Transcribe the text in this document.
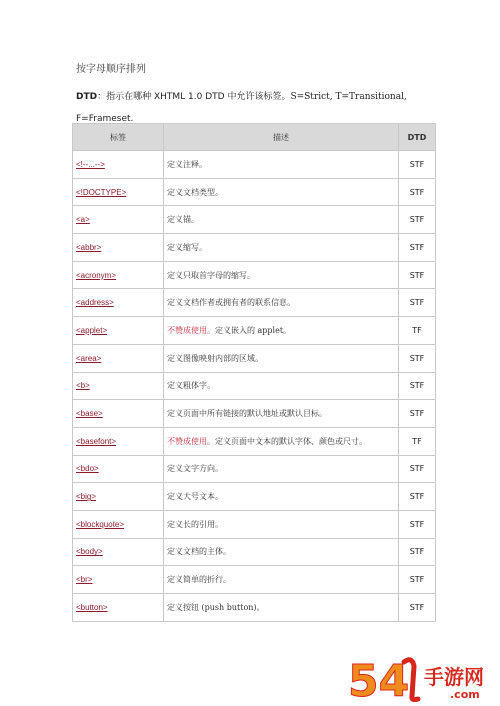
按字母顺序排列
DTD：指示在哪种 XHTML 1.0 DTD 中允许该标签。S=Strict, T=Transitional,
F=Frameset.
标签	描述	DTD
<!--...-->	定义注释。	STF
<!DOCTYPE>	定义文档类型。	STF
<a>	定义锚。	STF
<abbr>	定义缩写。	STF
<acronym>	定义只取首字母的缩写。	STF
<address>	定义文档作者或拥有者的联系信息。	STF
<applet>	不赞成使用。定义嵌入的 applet。	TF
<area>	定义图像映射内部的区域。	STF
<b>	定义粗体字。	STF
<base>	定义页面中所有链接的默认地址或默认目标。	STF
<basefont>	不赞成使用。定义页面中文本的默认字体、颜色或尺寸。	TF
<bdo>	定义文字方向。	STF
<big>	定义大号文本。	STF
<blockquote>	定义长的引用。	STF
<body>	定义文档的主体。	STF
<br>	定义简单的折行。	STF
<button>	定义按钮 (push button)。	STF
54 手游网
.com
